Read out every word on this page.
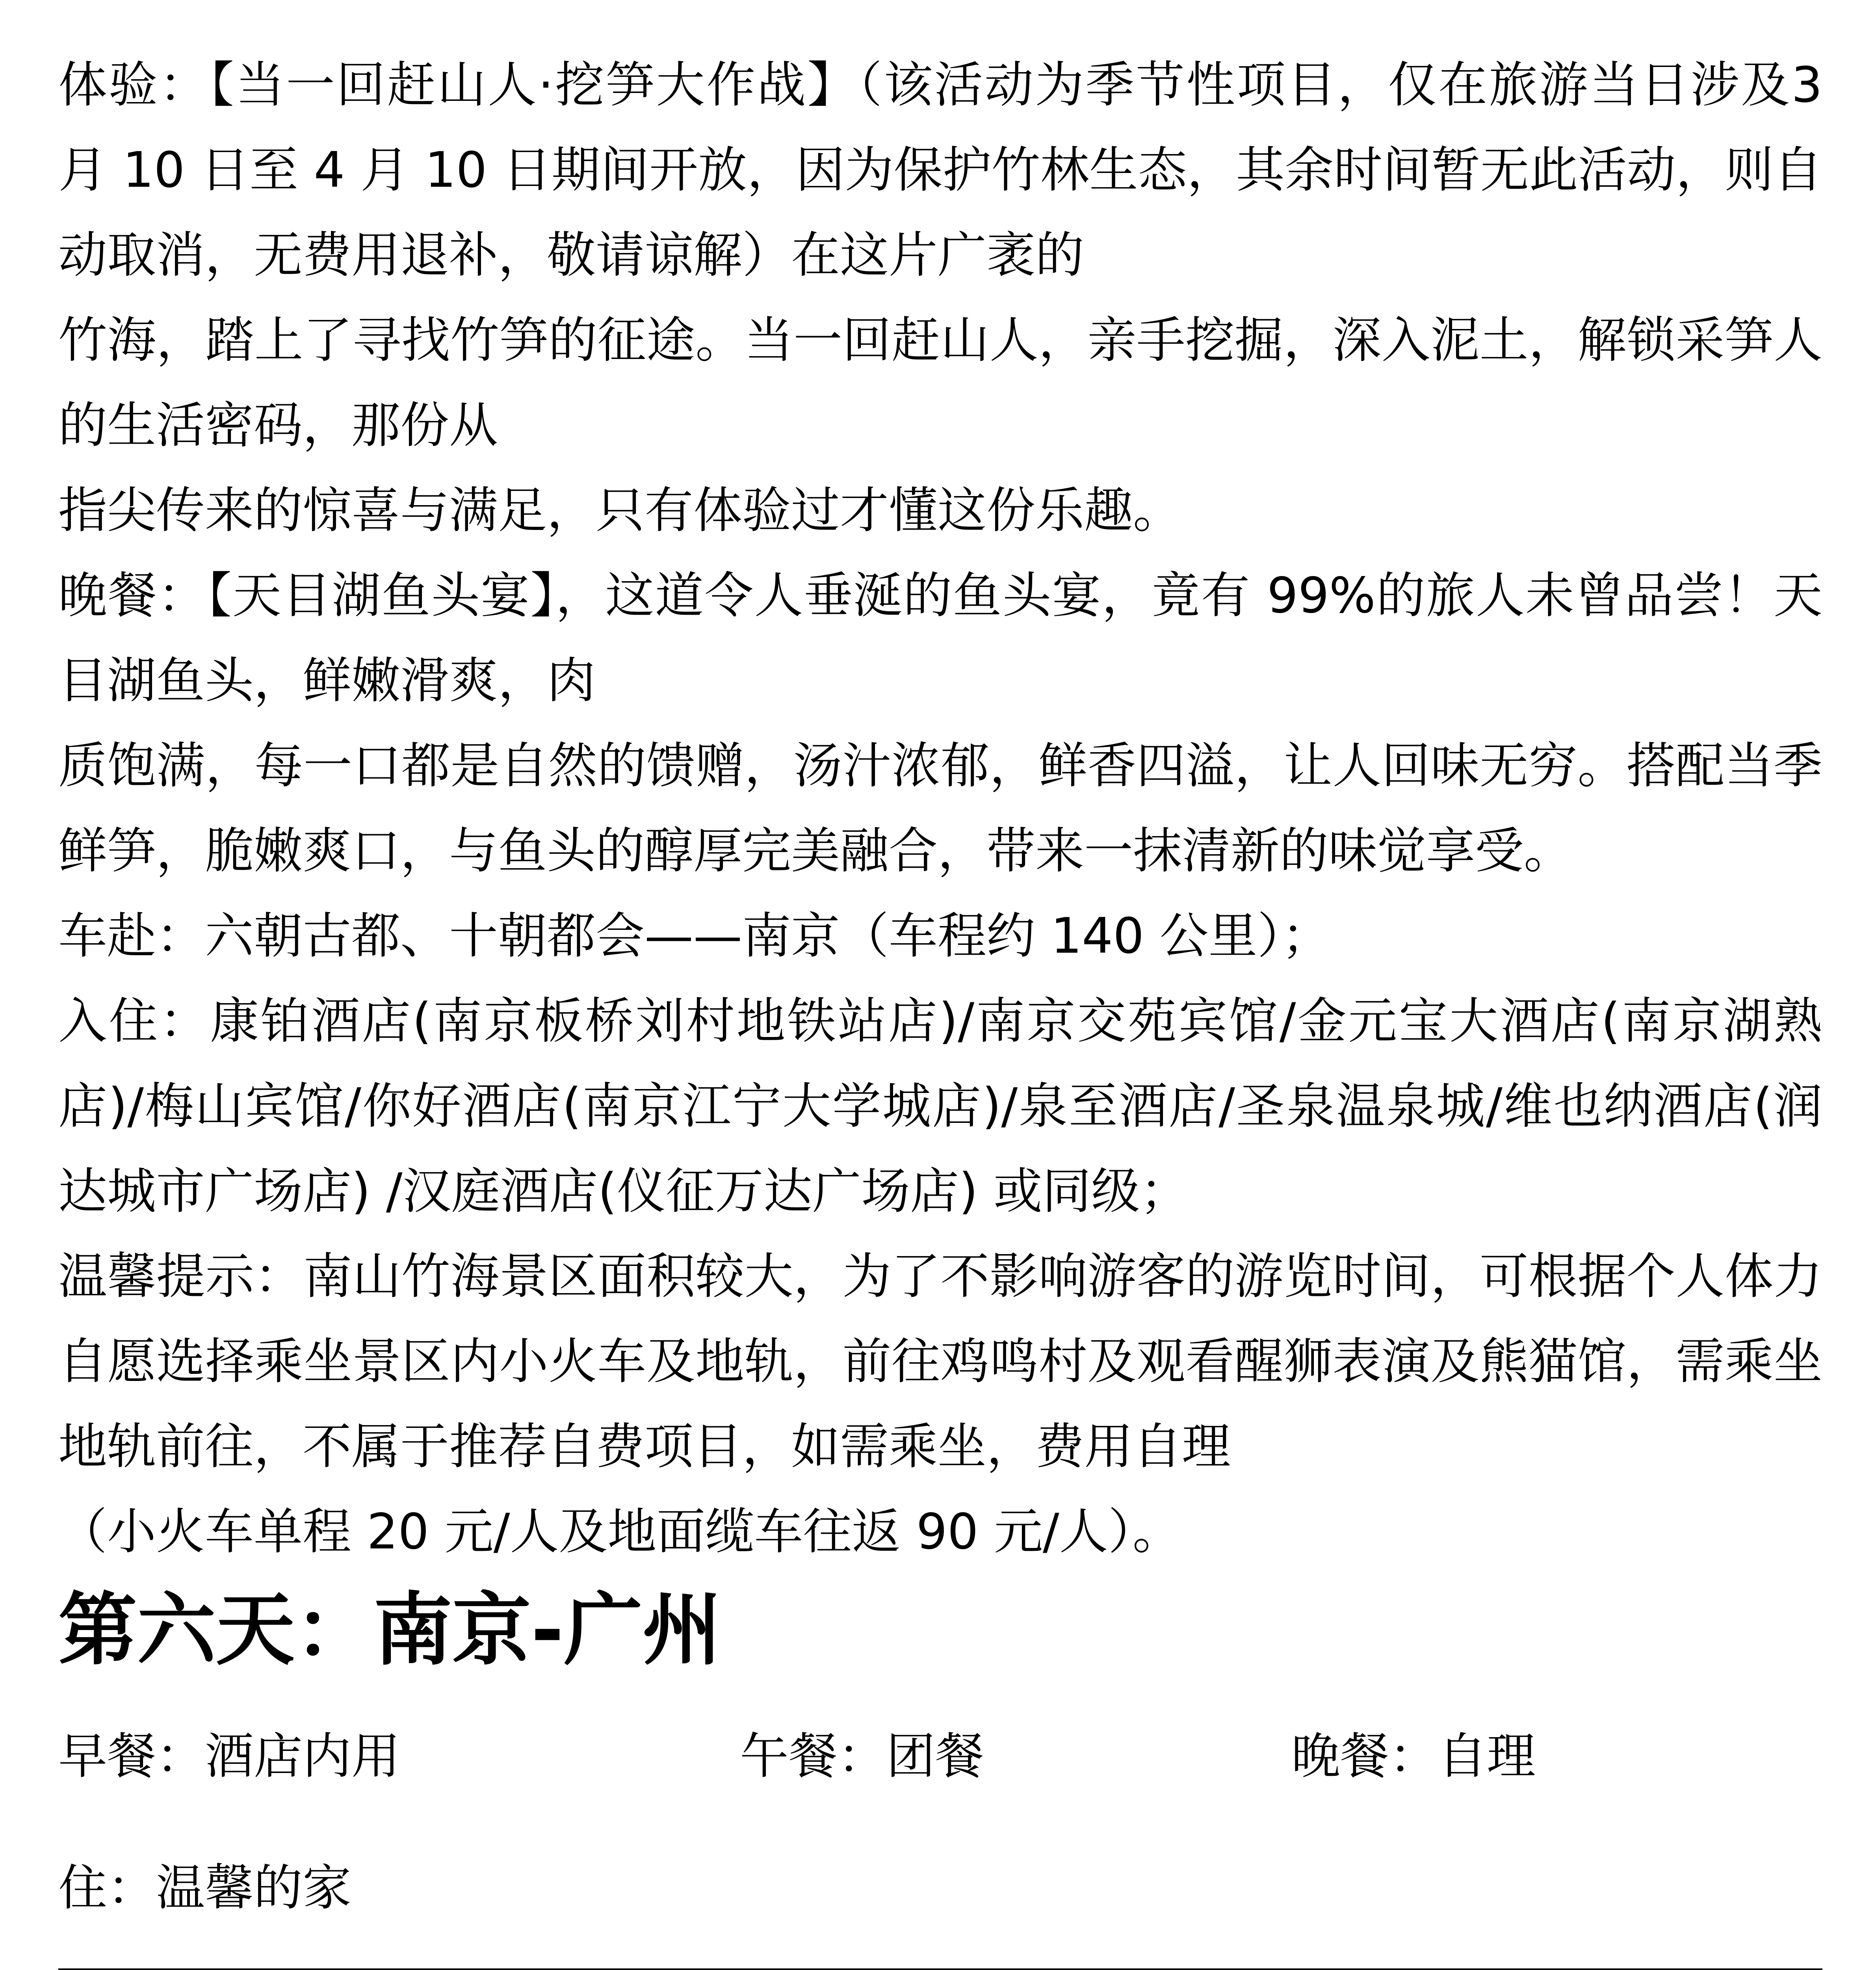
体验：【当一回赶山人·挖笋大作战】（该活动为季节性项目，仅在旅游当日涉及3 月 10 日至 4 月 10 日期间开放，因为保护竹林生态，其余时间暂无此活动，则自动取消，无费用退补，敬请谅解）在这片广袤的

竹海，踏上了寻找竹笋的征途。当一回赶山人，亲手挖掘，深入泥土，解锁采笋人的生活密码，那份从

指尖传来的惊喜与满足，只有体验过才懂这份乐趣。

晚餐：【天目湖鱼头宴】，这道令人垂涎的鱼头宴，竟有 99%的旅人未曾品尝！天目湖鱼头，鲜嫩滑爽，肉

质饱满，每一口都是自然的馈赠，汤汁浓郁，鲜香四溢，让人回味无穷。搭配当季鲜笋，脆嫩爽口，与鱼头的醇厚完美融合，带来一抹清新的味觉享受。

车赴：六朝古都、十朝都会——南京（车程约 140 公里）；

入住：康铂酒店(南京板桥刘村地铁站店)/南京交苑宾馆/金元宝大酒店(南京湖熟店)/梅山宾馆/你好酒店(南京江宁大学城店)/泉至酒店/圣泉温泉城/维也纳酒店(润达城市广场店) /汉庭酒店(仪征万达广场店) 或同级；

温馨提示：南山竹海景区面积较大，为了不影响游客的游览时间，可根据个人体力自愿选择乘坐景区内小火车及地轨，前往鸡鸣村及观看醒狮表演及熊猫馆，需乘坐地轨前往，不属于推荐自费项目，如需乘坐，费用自理

（小火车单程 20 元/人及地面缆车往返 90 元/人）。

第六天：南京-广州
早餐：酒店内用	午餐：团餐	晚餐：自理

住：温馨的家
